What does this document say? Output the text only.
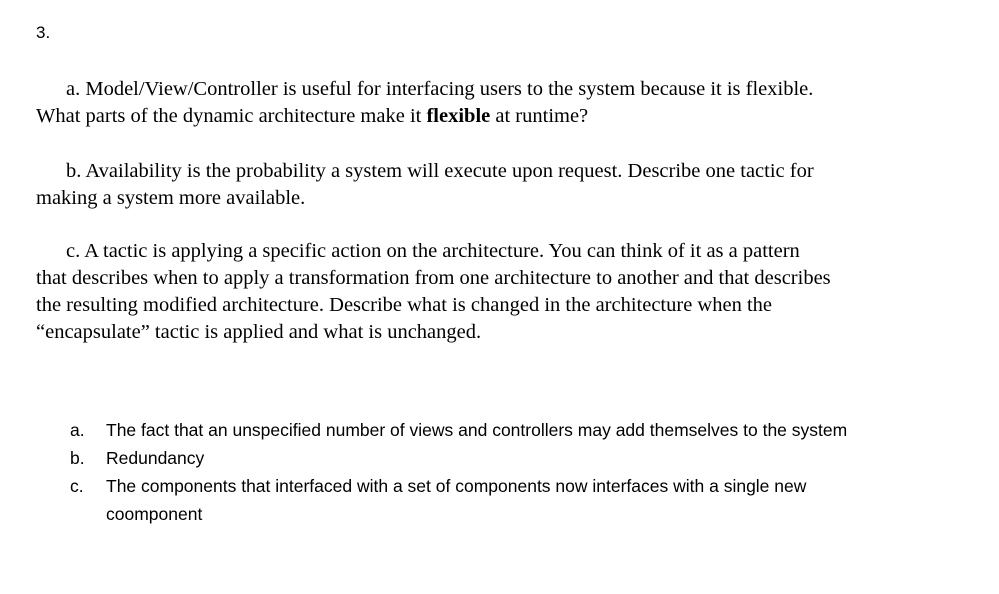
3.

a. Model/View/Controller is useful for interfacing users to the system because it is flexible.
What parts of the dynamic architecture make it flexible at runtime?

b. Availability is the probability a system will execute upon request. Describe one tactic for
making a system more available.

c. A tactic is applying a specific action on the architecture. You can think of it as a pattern
that describes when to apply a transformation from one architecture to another and that describes
the resulting modified architecture. Describe what is changed in the architecture when the
“encapsulate” tactic is applied and what is unchanged.

a.	The fact that an unspecified number of views and controllers may add themselves to the system
b.	Redundancy
c.	The components that interfaced with a set of components now interfaces with a single new coomponent
